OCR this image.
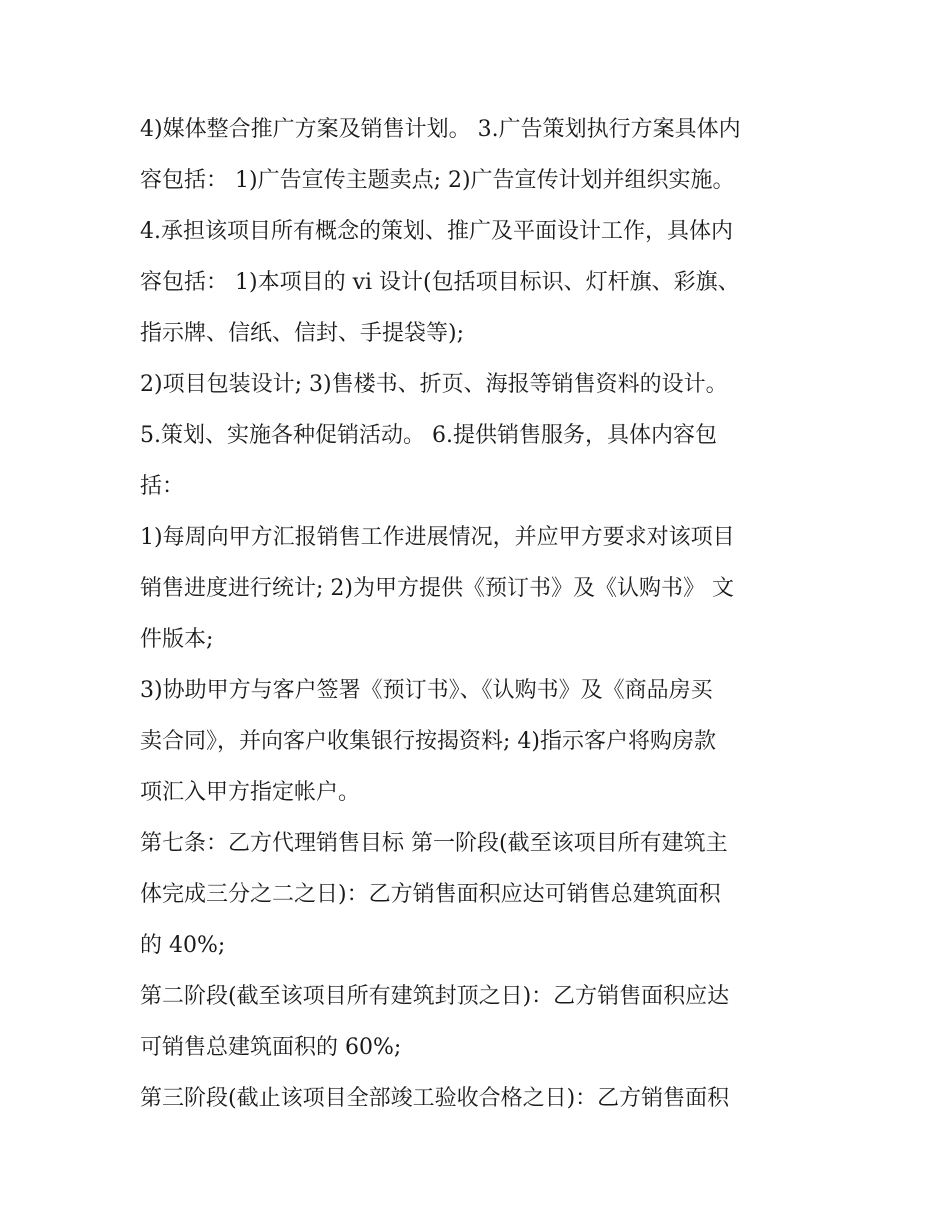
4)媒体整合推广方案及销售计划。 3.广告策划执行方案具体内
容包括： 1)广告宣传主题卖点; 2)广告宣传计划并组织实施。
4.承担该项目所有概念的策划、推广及平面设计工作，具体内
容包括： 1)本项目的 vi 设计(包括项目标识、灯杆旗、彩旗、
指示牌、信纸、信封、手提袋等);
2)项目包装设计; 3)售楼书、折页、海报等销售资料的设计。
5.策划、实施各种促销活动。 6.提供销售服务，具体内容包
括：
1)每周向甲方汇报销售工作进展情况，并应甲方要求对该项目
销售进度进行统计; 2)为甲方提供《预订书》及《认购书》 文
件版本;
3)协助甲方与客户签署《预订书》、《认购书》及《商品房买
卖合同》，并向客户收集银行按揭资料; 4)指示客户将购房款
项汇入甲方指定帐户。
第七条：乙方代理销售目标 第一阶段(截至该项目所有建筑主
体完成三分之二之日)：乙方销售面积应达可销售总建筑面积
的 40%;
第二阶段(截至该项目所有建筑封顶之日)：乙方销售面积应达
可销售总建筑面积的 60%;
第三阶段(截止该项目全部竣工验收合格之日)：乙方销售面积
